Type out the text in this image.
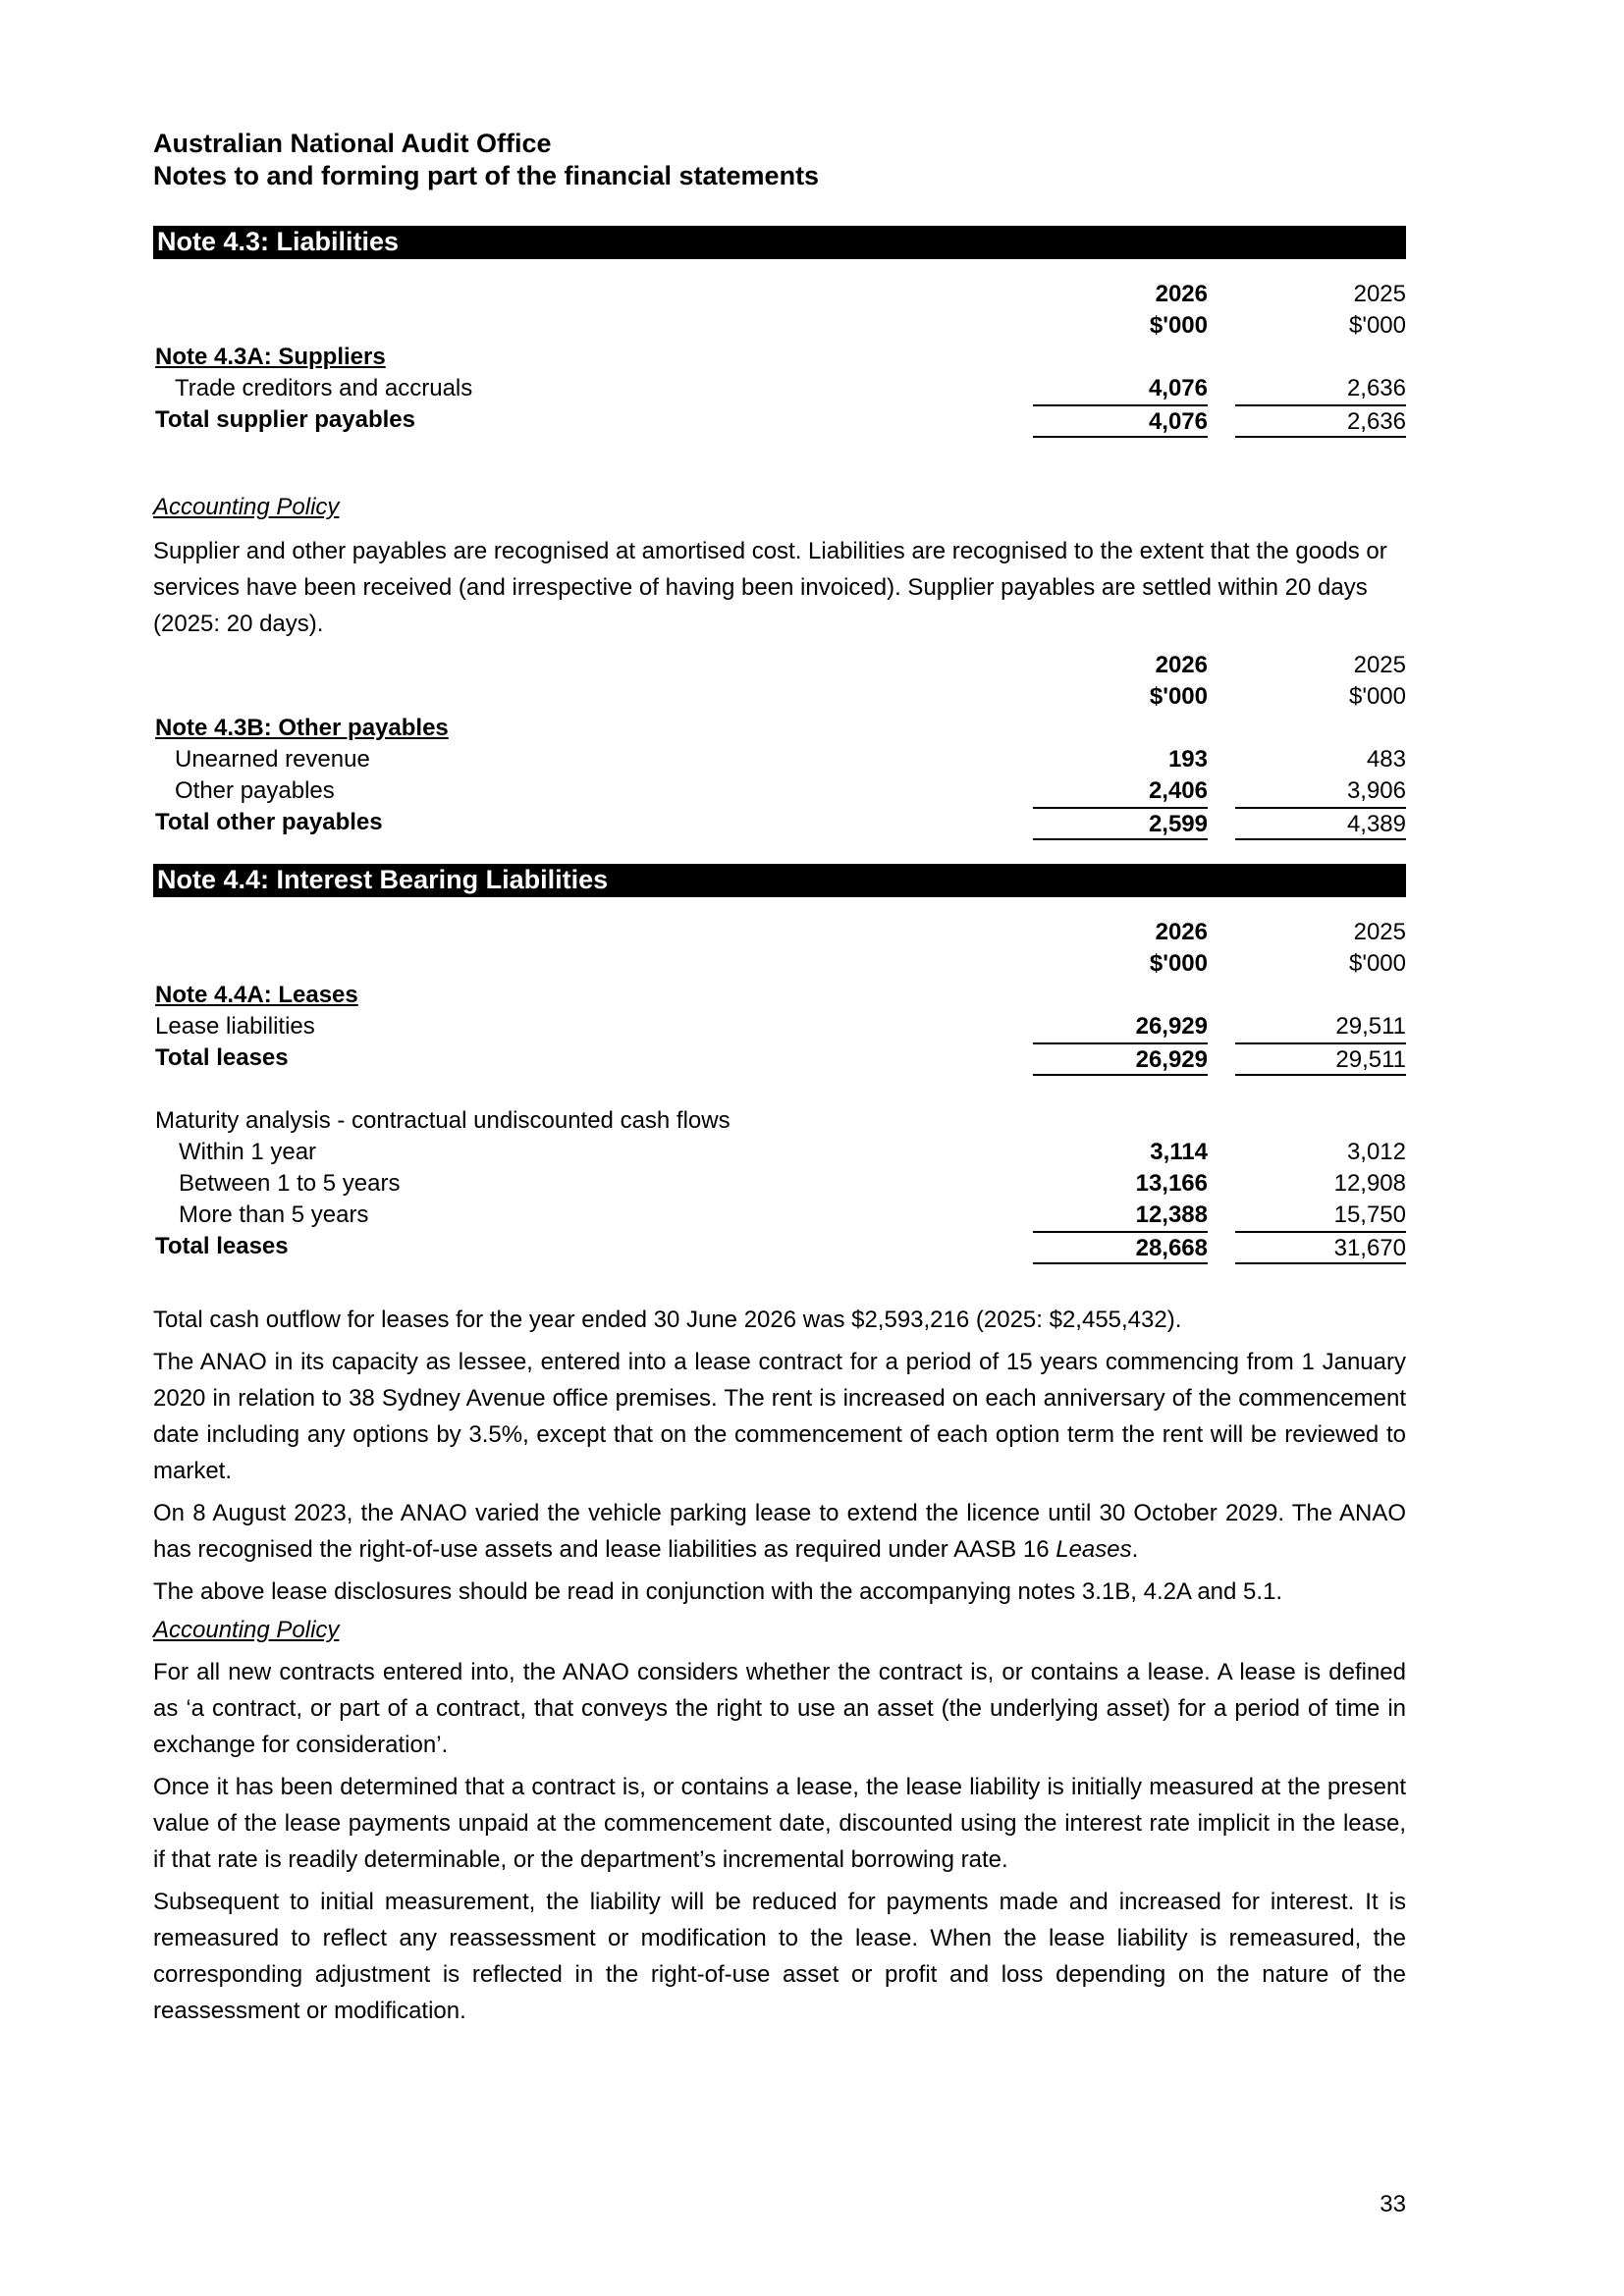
Australian National Audit Office
Notes to and forming part of the financial statements
Note 4.3: Liabilities
2026	2025
$'000	$'000
Note 4.3A: Suppliers
Trade creditors and accruals	4,076	2,636
Total supplier payables	4,076	2,636
Accounting Policy

Supplier and other payables are recognised at amortised cost. Liabilities are recognised to the extent that the goods or services have been received (and irrespective of having been invoiced). Supplier payables are settled within 20 days (2025: 20 days).

2026	2025
$'000	$'000
Note 4.3B: Other payables
Unearned revenue	193	483
Other payables	2,406	3,906
Total other payables	2,599	4,389
Note 4.4: Interest Bearing Liabilities
2026	2025
$'000	$'000
Note 4.4A: Leases
Lease liabilities	26,929	29,511
Total leases	26,929	29,511
Maturity analysis - contractual undiscounted cash flows
Within 1 year	3,114	3,012
Between 1 to 5 years	13,166	12,908
More than 5 years	12,388	15,750
Total leases	28,668	31,670

Total cash outflow for leases for the year ended 30 June 2026 was $2,593,216 (2025: $2,455,432).

The ANAO in its capacity as lessee, entered into a lease contract for a period of 15 years commencing from 1 January 2020 in relation to 38 Sydney Avenue office premises. The rent is increased on each anniversary of the commencement date including any options by 3.5%, except that on the commencement of each option term the rent will be reviewed to market.

On 8 August 2023, the ANAO varied the vehicle parking lease to extend the licence until 30 October 2029. The ANAO has recognised the right-of-use assets and lease liabilities as required under AASB 16 Leases.

The above lease disclosures should be read in conjunction with the accompanying notes 3.1B, 4.2A and 5.1.

Accounting Policy

For all new contracts entered into, the ANAO considers whether the contract is, or contains a lease. A lease is defined as ‘a contract, or part of a contract, that conveys the right to use an asset (the underlying asset) for a period of time in exchange for consideration’.

Once it has been determined that a contract is, or contains a lease, the lease liability is initially measured at the present value of the lease payments unpaid at the commencement date, discounted using the interest rate implicit in the lease, if that rate is readily determinable, or the department’s incremental borrowing rate.

Subsequent to initial measurement, the liability will be reduced for payments made and increased for interest. It is remeasured to reflect any reassessment or modification to the lease. When the lease liability is remeasured, the corresponding adjustment is reflected in the right-of-use asset or profit and loss depending on the nature of the reassessment or modification.

33
